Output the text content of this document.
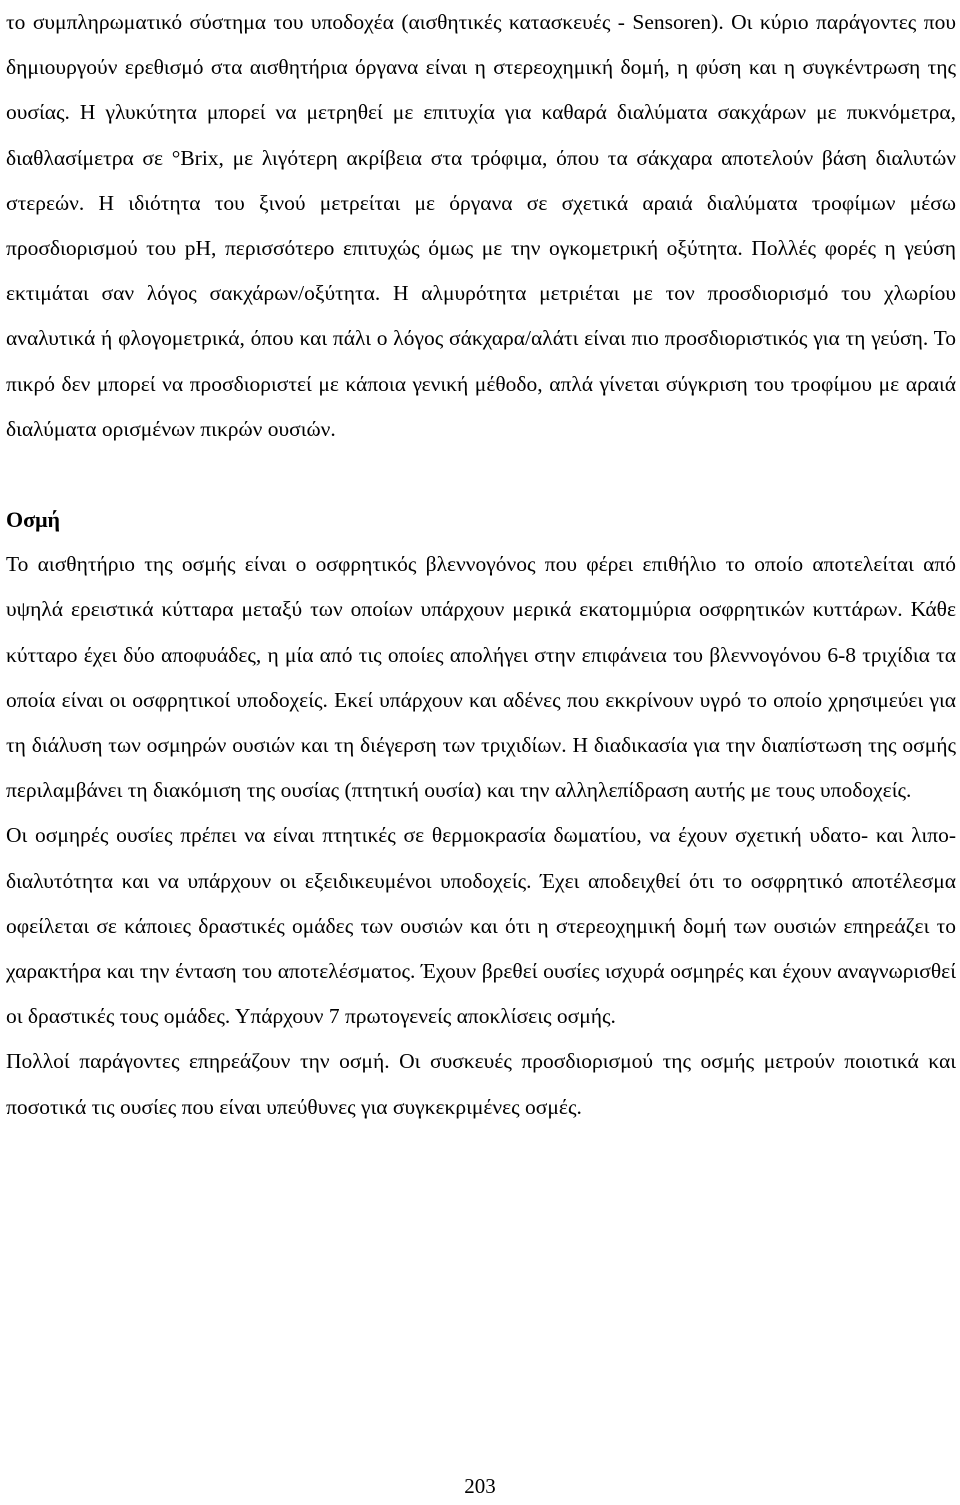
το συμπληρωματικό σύστημα του υποδοχέα (αισθητικές κατασκευές - Sensoren). Οι κύριο παράγοντες που δημιουργούν ερεθισμό στα αισθητήρια όργανα είναι η στερεοχημική δομή, η φύση και η συγκέντρωση της ουσίας. Η γλυκύτητα μπορεί να μετρηθεί με επιτυχία για καθαρά διαλύματα σακχάρων με πυκνόμετρα, διαθλασίμετρα σε °Brix, με λιγότερη ακρίβεια στα τρόφιμα, όπου τα σάκχαρα αποτελούν βάση διαλυτών στερεών. Η ιδιότητα του ξινού μετρείται με όργανα σε σχετικά αραιά διαλύματα τροφίμων μέσω προσδιορισμού του pH, περισσότερο επιτυχώς όμως με την ογκομετρική οξύτητα. Πολλές φορές η γεύση εκτιμάται σαν λόγος σακχάρων/οξύτητα. Η αλμυρότητα μετριέται με τον προσδιορισμό του χλωρίου αναλυτικά ή φλογομετρικά, όπου και πάλι ο λόγος σάκχαρα/αλάτι είναι πιο προσδιοριστικός για τη γεύση. Το πικρό δεν μπορεί να προσδιοριστεί με κάποια γενική μέθοδο, απλά γίνεται σύγκριση του τροφίμου με αραιά διαλύματα ορισμένων πικρών ουσιών.

Οσμή

Το αισθητήριο της οσμής είναι ο οσφρητικός βλεννογόνος που φέρει επιθήλιο το οποίο αποτελείται από υψηλά ερειστικά κύτταρα μεταξύ των οποίων υπάρχουν μερικά εκατομμύρια οσφρητικών κυττάρων. Κάθε κύτταρο έχει δύο αποφυάδες, η μία από τις οποίες απολήγει στην επιφάνεια του βλεννογόνου 6-8 τριχίδια τα οποία είναι οι οσφρητικοί υποδοχείς. Εκεί υπάρχουν και αδένες που εκκρίνουν υγρό το οποίο χρησιμεύει για τη διάλυση των οσμηρών ουσιών και τη διέγερση των τριχιδίων. Η διαδικασία για την διαπίστωση της οσμής περιλαμβάνει τη διακόμιση της ουσίας (πτητική ουσία) και την αλληλεπίδραση αυτής με τους υποδοχείς.

Οι οσμηρές ουσίες πρέπει να είναι πτητικές σε θερμοκρασία δωματίου, να έχουν σχετική υδατο- και λιπο-διαλυτότητα και να υπάρχουν οι εξειδικευμένοι υποδοχείς. Έχει αποδειχθεί ότι το οσφρητικό αποτέλεσμα οφείλεται σε κάποιες δραστικές ομάδες των ουσιών και ότι η στερεοχημική δομή των ουσιών επηρεάζει το χαρακτήρα και την ένταση του αποτελέσματος. Έχουν βρεθεί ουσίες ισχυρά οσμηρές και έχουν αναγνωρισθεί οι δραστικές τους ομάδες. Υπάρχουν 7 πρωτογενείς αποκλίσεις οσμής.

Πολλοί παράγοντες επηρεάζουν την οσμή. Οι συσκευές προσδιορισμού της οσμής μετρούν ποιοτικά και ποσοτικά τις ουσίες που είναι υπεύθυνες για συγκεκριμένες οσμές.

203
